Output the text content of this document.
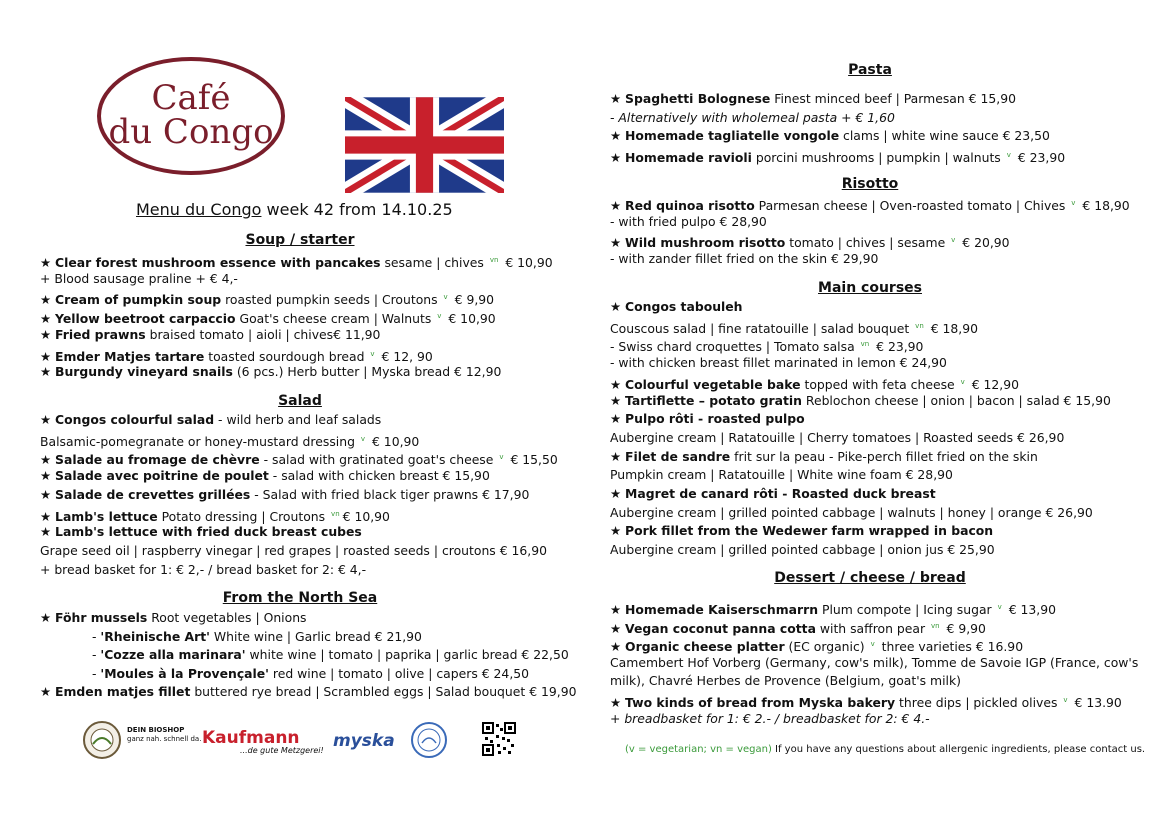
Café
du Congo
Menu du Congo week 42 from 14.10.25
Soup / starter
★ Clear forest mushroom essence with pancakes sesame | chives $^{vn}$ € 10,90
+ Blood sausage praline + € 4,-
★ Cream of pumpkin soup roasted pumpkin seeds | Croutons $^v$ € 9,90
★ Yellow beetroot carpaccio Goat's cheese cream | Walnuts $^v$ € 10,90
★ Fried prawns braised tomato | aioli | chives€ 11,90
★ Emder Matjes tartare toasted sourdough bread $^v$ € 12, 90
★ Burgundy vineyard snails (6 pcs.) Herb butter | Myska bread € 12,90
Salad
★ Congos colourful salad - wild herb and leaf salads
Balsamic-pomegranate or honey-mustard dressing $^v$ € 10,90
★ Salade au fromage de chèvre - salad with gratinated goat's cheese $^v$ € 15,50
★ Salade avec poitrine de poulet - salad with chicken breast € 15,90
★ Salade de crevettes grillées - Salad with fried black tiger prawns € 17,90
★ Lamb's lettuce Potato dressing | Croutons $^{vn}$ € 10,90
★ Lamb's lettuce with fried duck breast cubes
Grape seed oil | raspberry vinegar | red grapes | roasted seeds | croutons € 16,90
+ bread basket for 1: € 2,- / bread basket for 2: € 4,-
From the North Sea
★ Föhr mussels Root vegetables | Onions
- 'Rheinische Art' White wine | Garlic bread € 21,90
- 'Cozze alla marinara' white wine | tomato | paprika | garlic bread € 22,50
- 'Moules à la Provençale' red wine | tomato | olive | capers € 24,50
★ Emden matjes fillet buttered rye bread | Scrambled eggs | Salad bouquet € 19,90
Pasta
★ Spaghetti Bolognese Finest minced beef | Parmesan € 15,90
- Alternatively with wholemeal pasta + € 1,60
★ Homemade tagliatelle vongole clams | white wine sauce € 23,50
★ Homemade ravioli porcini mushrooms | pumpkin | walnuts $^v$ € 23,90
Risotto
★ Red quinoa risotto Parmesan cheese | Oven-roasted tomato | Chives $^v$ € 18,90
- with fried pulpo € 28,90
★ Wild mushroom risotto tomato | chives | sesame $^v$ € 20,90
- with zander fillet fried on the skin € 29,90
Main courses
★ Congos tabouleh
Couscous salad | fine ratatouille | salad bouquet $^{vn}$ € 18,90
- Swiss chard croquettes | Tomato salsa $^{vn}$ € 23,90
- with chicken breast fillet marinated in lemon € 24,90
★ Colourful vegetable bake topped with feta cheese $^v$ € 12,90
★ Tartiflette – potato gratin Reblochon cheese | onion | bacon | salad € 15,90
★ Pulpo rôti - roasted pulpo
Aubergine cream | Ratatouille | Cherry tomatoes | Roasted seeds € 26,90
★ Filet de sandre frit sur la peau - Pike-perch fillet fried on the skin
Pumpkin cream | Ratatouille | White wine foam € 28,90
★ Magret de canard rôti - Roasted duck breast
Aubergine cream | grilled pointed cabbage | walnuts | honey | orange € 26,90
★ Pork fillet from the Wedewer farm wrapped in bacon
Aubergine cream | grilled pointed cabbage | onion jus € 25,90
Dessert / cheese / bread
★ Homemade Kaiserschmarrn Plum compote | Icing sugar $^v$ € 13,90
★ Vegan coconut panna cotta with saffron pear $^{vn}$ € 9,90
★ Organic cheese platter (EC organic) $^v$ three varieties € 16.90
Camembert Hof Vorberg (Germany, cow's milk), Tomme de Savoie IGP (France, cow's
milk), Chavré Herbes de Provence (Belgium, goat's milk)
★ Two kinds of bread from Myska bakery three dips | pickled olives $^v$ € 13.90
+ breadbasket for 1: € 2.- / breadbasket for 2: € 4.-
(v = vegetarian; vn = vegan) If you have any questions about allergenic ingredients, please contact us.
DEIN BIOSHOP
ganz nah. schnell da. Kaufmann
...de gute Metzgerei! myska
